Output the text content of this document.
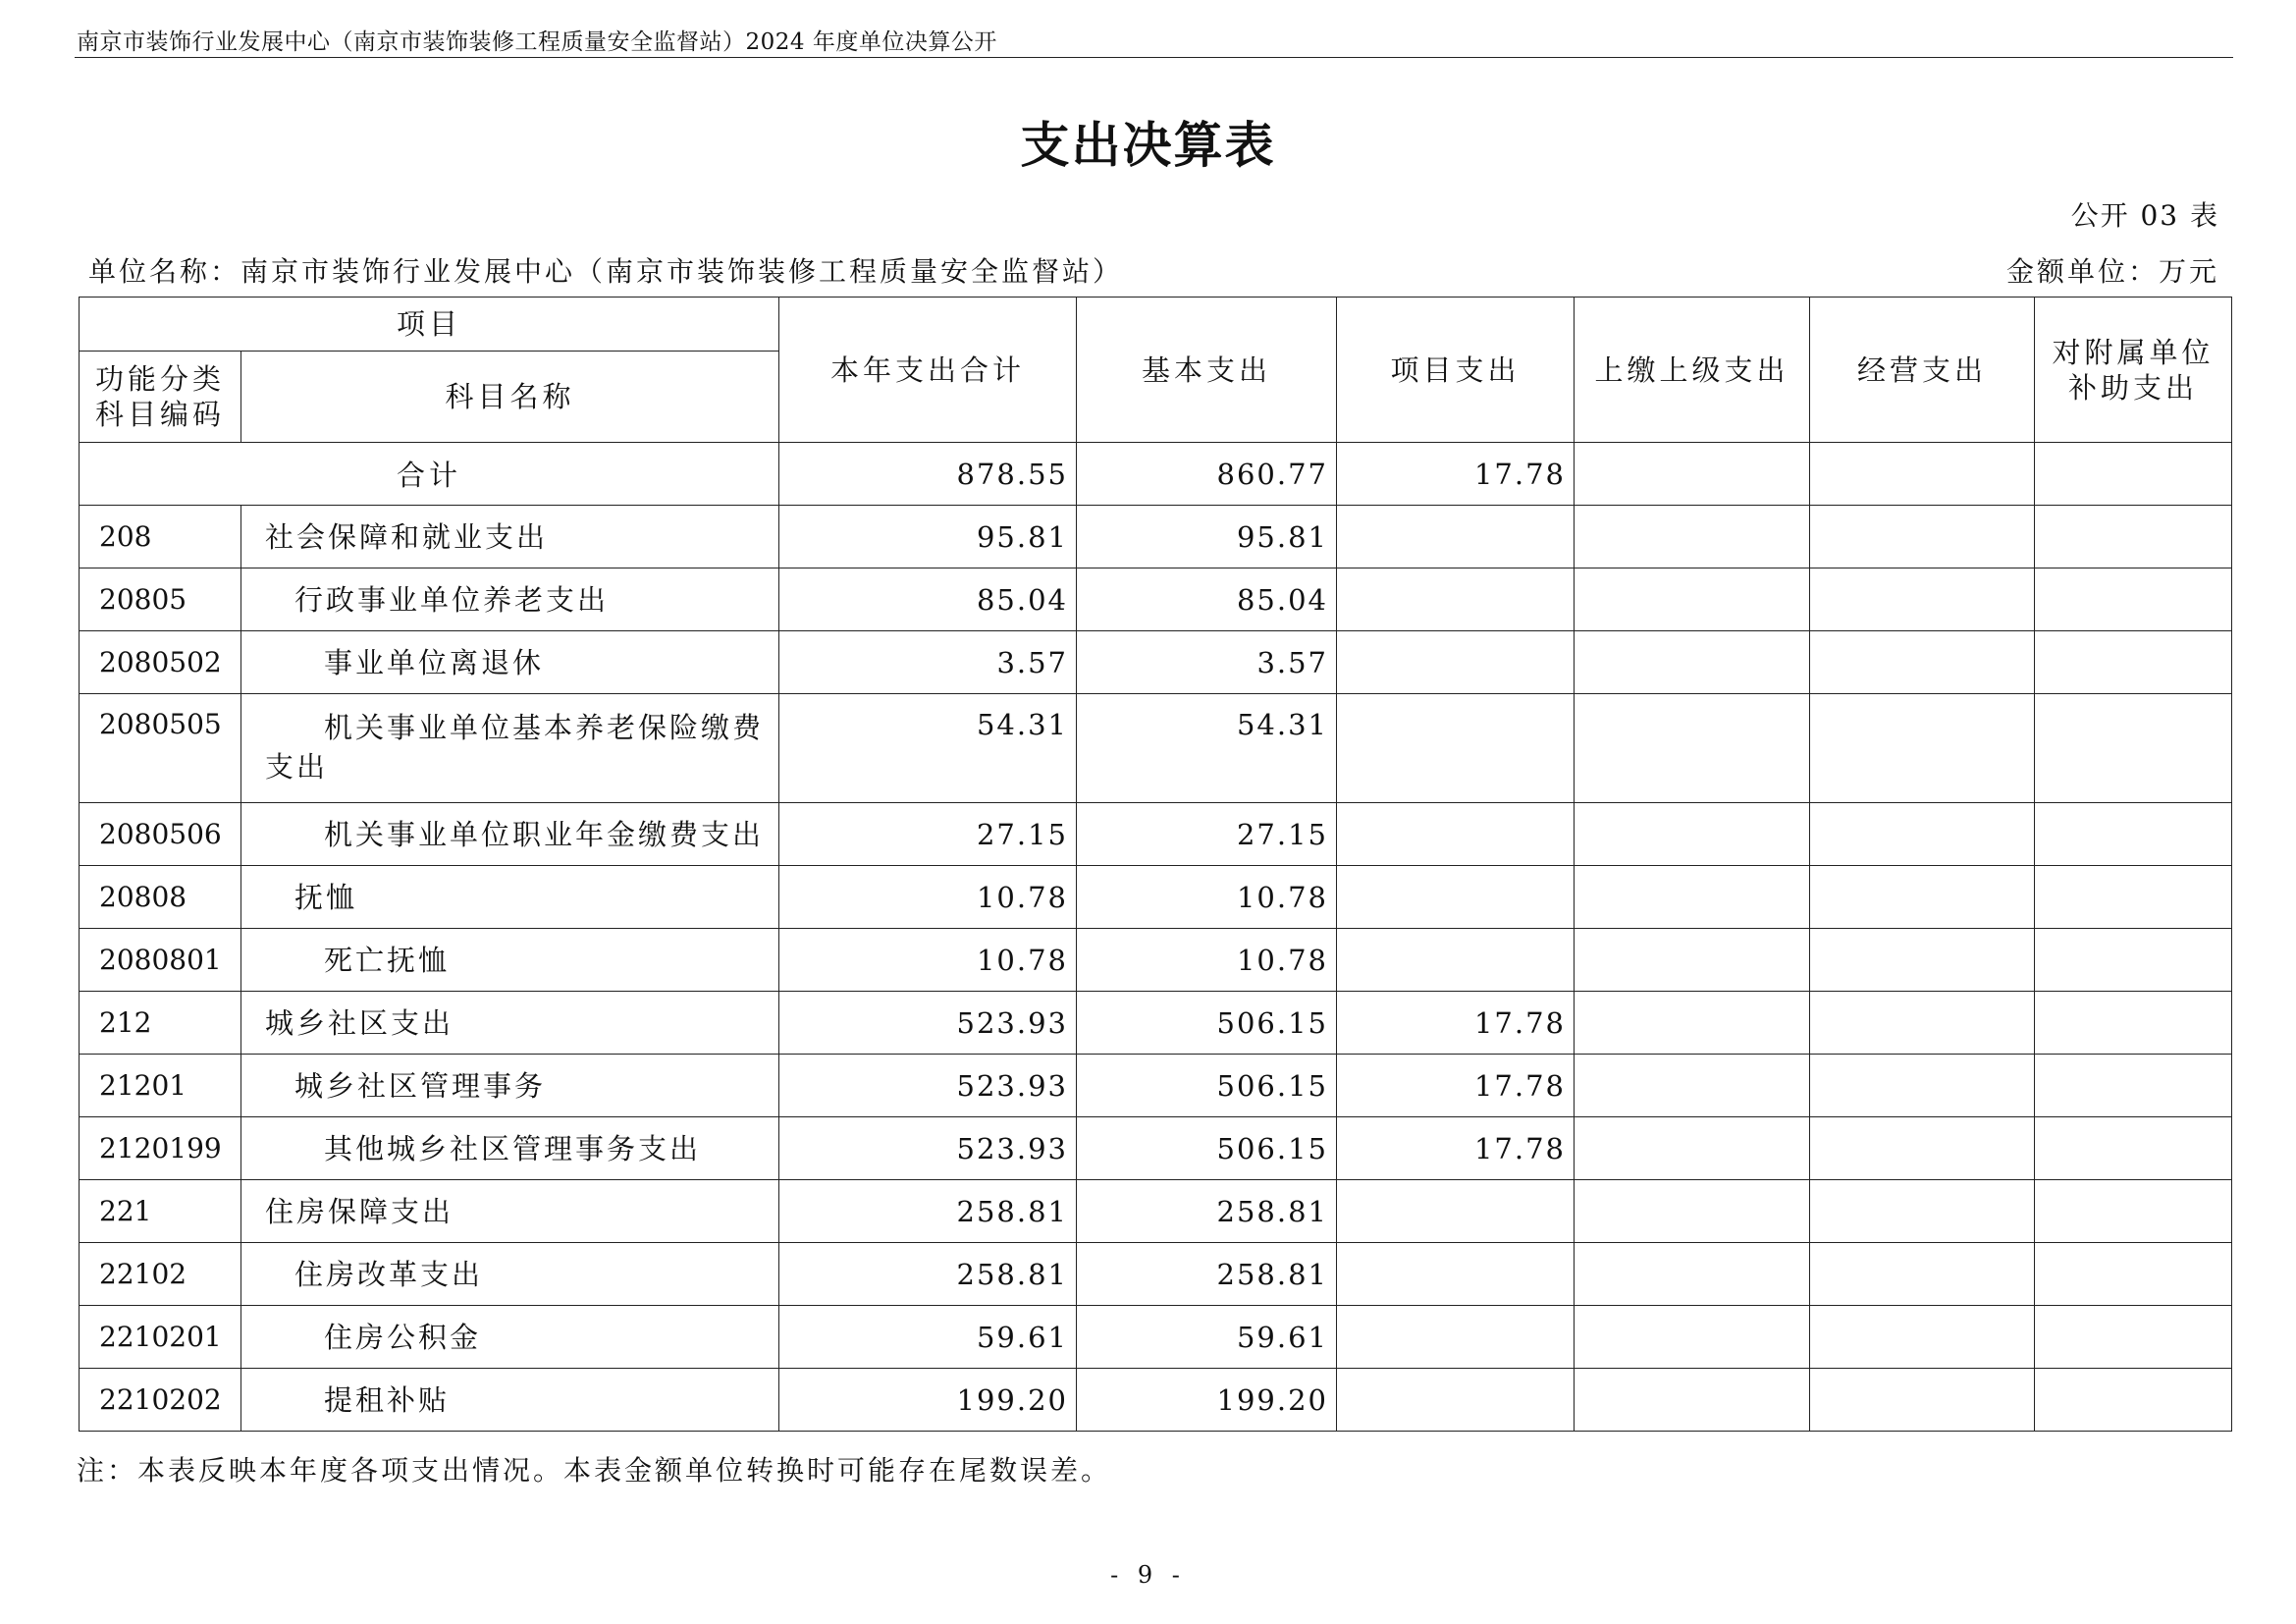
南京市装饰行业发展中心（南京市装饰装修工程质量安全监督站）2024 年度单位决算公开
支出决算表
公开 03 表
单位名称：南京市装饰行业发展中心（南京市装饰装修工程质量安全监督站）	金额单位：万元
项目		本年支出合计	基本支出	项目支出	上缴上级支出	经营支出	对附属单位补助支出
功能分类科目编码	科目名称						
合计		878.55	860.77	17.78			
208	社会保障和就业支出	95.81	95.81				
20805	行政事业单位养老支出	85.04	85.04				
2080502	事业单位离退休	3.57	3.57				
2080505	机关事业单位基本养老保险缴费支出	54.31	54.31				
2080506	机关事业单位职业年金缴费支出	27.15	27.15				
20808	抚恤	10.78	10.78				
2080801	死亡抚恤	10.78	10.78				
212	城乡社区支出	523.93	506.15	17.78			
21201	城乡社区管理事务	523.93	506.15	17.78			
2120199	其他城乡社区管理事务支出	523.93	506.15	17.78			
221	住房保障支出	258.81	258.81				
22102	住房改革支出	258.81	258.81				
2210201	住房公积金	59.61	59.61				
2210202	提租补贴	199.20	199.20				
注：本表反映本年度各项支出情况。本表金额单位转换时可能存在尾数误差。
- 9 -
